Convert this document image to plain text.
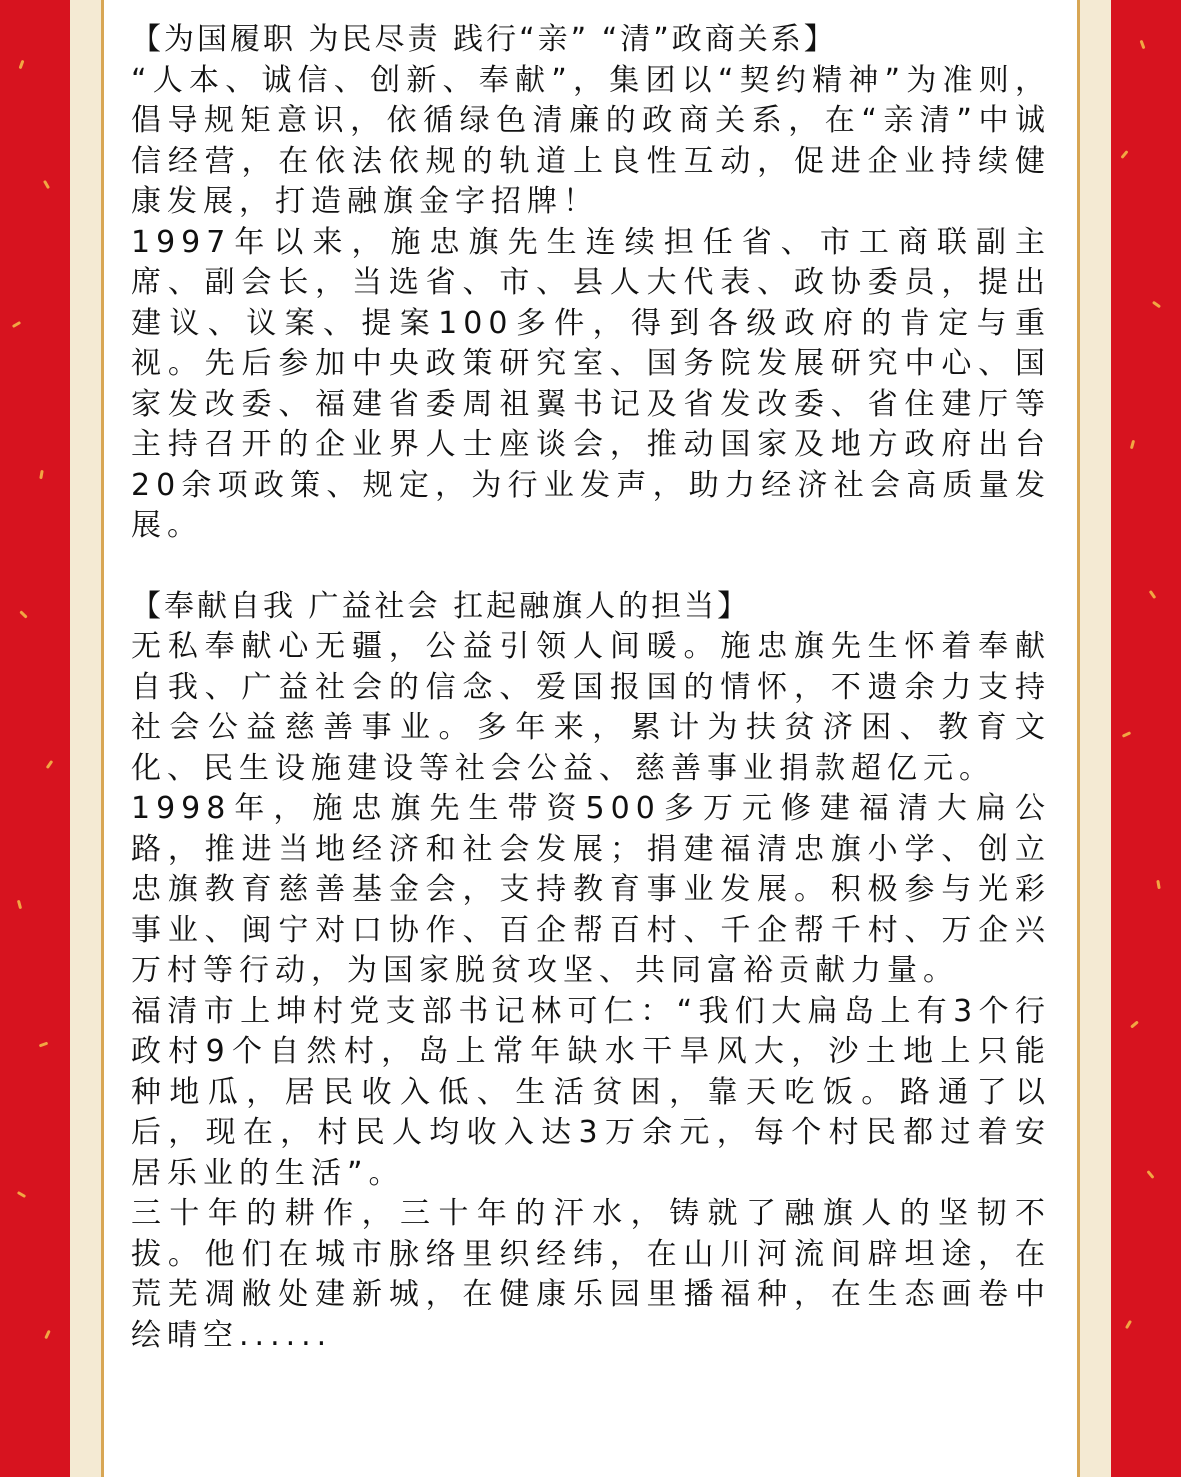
【为国履职 为民尽责 践行“亲” “清”政商关系】

“人本、诚信、创新、奉献”，集团以“契约精神”为准则，倡导规矩意识，依循绿色清廉的政商关系，在“亲清”中诚信经营，在依法依规的轨道上良性互动，促进企业持续健康发展，打造融旗金字招牌！

1997年以来，施忠旗先生连续担任省、市工商联副主席、副会长，当选省、市、县人大代表、政协委员，提出建议、议案、提案100多件，得到各级政府的肯定与重视。先后参加中央政策研究室、国务院发展研究中心、国家发改委、福建省委周祖翼书记及省发改委、省住建厅等主持召开的企业界人士座谈会，推动国家及地方政府出台20余项政策、规定，为行业发声，助力经济社会高质量发展。

【奉献自我 广益社会 扛起融旗人的担当】

无私奉献心无疆，公益引领人间暖。施忠旗先生怀着奉献自我、广益社会的信念、爱国报国的情怀，不遗余力支持社会公益慈善事业。多年来，累计为扶贫济困、教育文化、民生设施建设等社会公益、慈善事业捐款超亿元。

1998年，施忠旗先生带资500多万元修建福清大扁公路，推进当地经济和社会发展；捐建福清忠旗小学、创立忠旗教育慈善基金会，支持教育事业发展。积极参与光彩事业、闽宁对口协作、百企帮百村、千企帮千村、万企兴万村等行动，为国家脱贫攻坚、共同富裕贡献力量。

福清市上坤村党支部书记林可仁：“我们大扁岛上有3个行政村9个自然村，岛上常年缺水干旱风大，沙土地上只能种地瓜，居民收入低、生活贫困，靠天吃饭。路通了以后，现在，村民人均收入达3万余元，每个村民都过着安居乐业的生活”。

三十年的耕作，三十年的汗水，铸就了融旗人的坚韧不拔。他们在城市脉络里织经纬，在山川河流间辟坦途，在荒芜凋敝处建新城，在健康乐园里播福种，在生态画卷中绘晴空......
